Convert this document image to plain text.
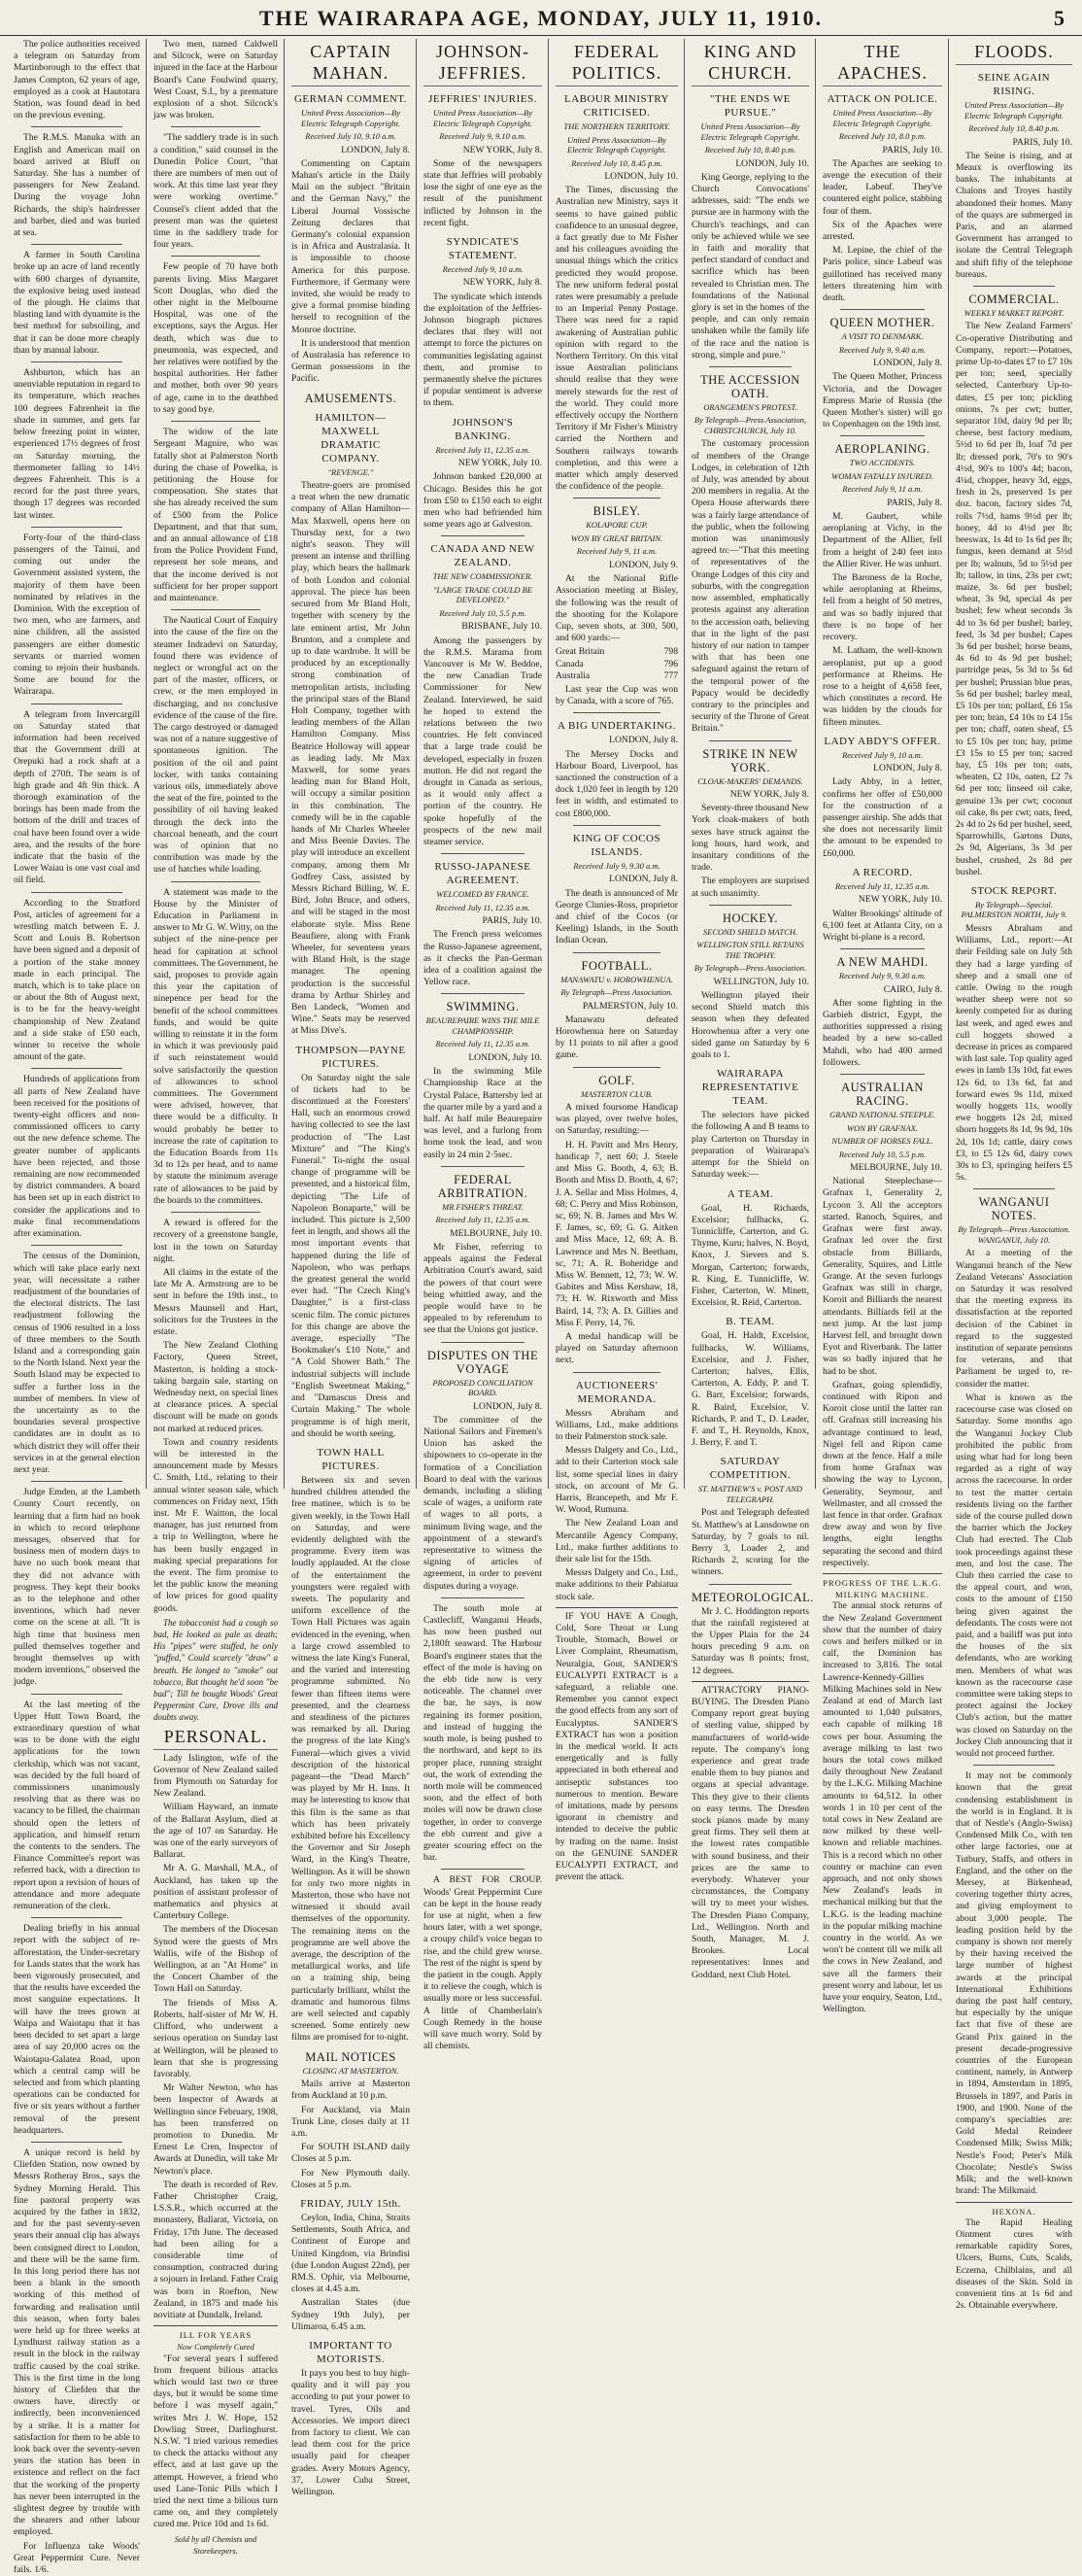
THE WAIRARAPA AGE, MONDAY, JULY 11, 1910.	5

The police authorities received a telegram on Saturday from Martinborough to the effect that James Compton, 62 years of age, employed as a cook at Hautotara Station, was found dead in bed on the previous evening.

The R.M.S. Manuka with an English and American mail on board arrived at Bluff on Saturday. She has a number of passengers for New Zealand. During the voyage John Richards, the ship's hairdresser and barber, died and was buried at sea.

A farmer in South Carolina broke up an acre of land recently with 600 charges of dynamite, the explosive being used instead of the plough. He claims that blasting land with dynamite is the best method for subsoiling, and that it can be done more cheaply than by manual labour.

Ashburton, which has an unenviable reputation in regard to its temperature, which reaches 100 degrees Fahrenheit in the shade in summer, and gets far below freezing point in winter, experienced 17½ degrees of frost on Saturday morning, the thermometer falling to 14½ degrees Fahrenheit. This is a record for the past three years, though 17 degrees was recorded last winter.

Forty-four of the third-class passengers of the Tainui, and coming out under the Government assisted system, the majority of them have been nominated by relatives in the Dominion. With the exception of two men, who are farmers, and nine children, all the assisted passengers are either domestic servants or married women coming to rejoin their husbands. Some are bound for the Wairarapa.

A telegram from Invercargill on Saturday stated that information had been received that the Government drill at Orepuki had a rock shaft at a depth of 270ft. The seam is of high grade and 4ft 9in thick. A thorough examination of the borings has been made from the bottom of the drill and traces of coal have been found over a wide area, and the results of the bore indicate that the basin of the Lower Waiau is one vast coal and oil field.

According to the Stratford Post, articles of agreement for a wrestling match between E. J. Scott and Louis B. Robertson have been signed and a deposit of a portion of the stake money made in each principal. The match, which is to take place on or about the 8th of August next, is to be for the heavy-weight championship of New Zealand and a side stake of £50 each, winner to receive the whole amount of the gate.

Hundreds of applications from all parts of New Zealand have been received for the positions of twenty-eight officers and non-commissioned officers to carry out the new defence scheme. The greater number of applicants have been rejected, and those remaining are now recommended by district commanders. A board has been set up in each district to consider the applications and to make final recommendations after examination.

The census of the Dominion, which will take place early next year, will necessitate a rather readjustment of the boundaries of the electoral districts. The last readjustment following the census of 1906 resulted in a loss of three members to the South Island and a corresponding gain to the North Island. Next year the South Island may be expected to suffer a further loss in the number of members. In view of the uncertainty as to the boundaries several prospective candidates are in doubt as to which district they will offer their services in at the general election next year.

Judge Emden, at the Lambeth County Court recently, on learning that a firm had no book in which to record telephone messages, observed that for business men of modern days to have no such book meant that they did not advance with progress. They kept their books as to the telephone and other inventions, which had never come on the scene at all. "It is high time that business men pulled themselves together and brought themselves up with modern inventions," observed the judge.

At the last meeting of the Upper Hutt Town Board, the extraordinary question of what was to be done with the eight applications for the town clerkship, which was not vacant, was decided by the full board of commissioners unanimously resolving that as there was no vacancy to be filled, the chairman should open the letters of application, and himself return the contents to the senders. The Finance Committee's report was referred back, with a direction to report upon a revision of hours of attendance and more adequate remuneration of the clerk.

Dealing briefly in his annual report with the subject of re-afforestation, the Under-secretary for Lands states that the work has been vigorously prosecuted, and that the results have exceeded the most sanguine expectations. It will have the trees grown at Waipa and Waiotapu that it has been decided to set apart a large area of say 20,000 acres on the Waiotapu-Galatea Road, upon which a central camp will be selected and from which planting operations can be conducted for five or six years without a further removal of the present headquarters.

A unique record is held by Cliefden Station, now owned by Messrs Rotheray Bros., says the Sydney Morning Herald. This fine pastoral property was acquired by the father in 1832, and for the past seventy-seven years their annual clip has always been consigned direct to London, and there will be the same firm. In this long period there has not been a blank in the smooth working of this method of forwarding and realisation until this season, when forty bales were held up for three weeks at Lyndhurst railway station as a result in the block in the railway traffic caused by the coal strike. This is the first time in the long history of Cliefden that the owners have, directly or indirectly, been inconvenienced by a strike. It is a matter for satisfaction for them to be able to look back over the seventy-seven years the station has been in existence and reflect on the fact that the working of the property has never been interrupted in the slightest degree by trouble with the shearers and other labour employed.

For Influenza take Woods' Great Peppermint Cure. Never fails. 1/6.

Two men, named Caldwell and Silcock, were on Saturday injured in the face at the Harbour Board's Cane Foulwind quarry, West Coast, S.I., by a premature explosion of a shot. Silcock's jaw was broken.

"The saddlery trade is in such a condition," said counsel in the Dunedin Police Court, "that there are numbers of men out of work. At this time last year they were working overtime." Counsel's client added that the present man was the quietest time in the saddlery trade for four years.

Few people of 70 have both parents living. Miss Margaret Scott Douglas, who died the other night in the Melbourne Hospital, was one of the exceptions, says the Argus. Her death, which was due to pneumonia, was expected, and her relatives were notified by the hospital authorities. Her father and mother, both over 90 years of age, came in to the deathbed to say good bye.

The widow of the late Sergeant Magnire, who was fatally shot at Palmerston North during the chase of Powelka, is petitioning the House for compensation. She states that she has already received the sum of £500 from the Police Department, and that that sum, and an annual allowance of £18 from the Police Provident Fund, represent her sole means, and that the income derived is not sufficient for her proper support and maintenance.

The Nautical Court of Enquiry into the cause of the fire on the steamer Indradevi on Saturday, found there was evidence of neglect or wrongful act on the part of the master, officers, or crew, or the men employed in discharging, and no conclusive evidence of the cause of the fire. The cargo destroyed or damaged was not of a nature suggestive of spontaneous ignition. The position of the oil and paint locker, with tanks containing various oils, immediately above the seat of the fire, pointed to the possibility of oil having leaked through the deck into the charcoal beneath, and the court was of opinion that no contribution was made by the use of hatches while loading.

A statement was made to the House by the Minister of Education in Parliament in answer to Mr G. W. Witty, on the subject of the nine-pence per head for capitation at school committees. The Government, he said, proposes to provide again this year the capitation of ninepence per head for the benefit of the school committees funds, and would be quite willing to reinstate it in the form in which it was previously paid if such reinstatement would solve satisfactorily the question of allowances to school committees. The Government were advised, however, that there would be a difficulty. It would probably be better to increase the rate of capitation to the Education Boards from 11s 3d to 12s per head, and to name by statute the minimum average rate of allowances to be paid by the boards to the committees.

A reward is offered for the recovery of a greenstone bangle, lost in the town on Saturday night.

All claims in the estate of the late Mr A. Armstrong are to be sent in before the 19th inst., to Messrs Maunsell and Hart, solicitors for the Trustees in the estate.

The New Zealand Clothing Factory, Queen Street, Masterton, is holding a stock-taking bargain sale, starting on Wednesday next, on special lines at clearance prices. A special discount will be made on goods not marked at reduced prices.

Town and country residents will be interested in the announcement made by Messrs C. Smith, Ltd., relating to their annual winter season sale, which commences on Friday next, 15th inst. Mr F. Waitton, the local manager, has just returned from a trip to Wellington, where he has been busily engaged in making special preparations for the event. The firm promise to let the public know the meaning of low prices for good quality goods.

The tobacconist had a cough so bad, He looked as pale as death; His "pipes" were stuffed, he only "puffed," Could scarcely "draw" a breath. He longed to "smoke" out tobacco, But thought he'd soon "be bad"; Till he bought Woods' Great Peppermint Cure, Drove ills and doubts away.

PERSONAL.

Lady Islington, wife of the Governor of New Zealand sailed from Plymouth on Saturday for New Zealand.

William Hayward, an inmate of the Ballarat Asylum, died at the age of 107 on Saturday. He was one of the early surveyors of Ballarat.

Mr A. G. Marshall, M.A., of Auckland, has taken up the position of assistant professor of mathematics and physics at Canterbury College.

The members of the Diocesan Synod were the guests of Mrs Wallis, wife of the Bishop of Wellington, at an "At Home" in the Concert Chamber of the Town Hall on Saturday.

The friends of Miss A. Roberts, half-sister of Mr W. H. Clifford, who underwent a serious operation on Sunday last at Wellington, will be pleased to learn that she is progressing favorably.

Mr Walter Newton, who has been Inspector of Awards at Wellington since February, 1908, has been transferred on promotion to Dunedin. Mr Ernest Le Cren, Inspector of Awards at Dunedin, will take Mr Newton's place.

The death is recorded of Rev. Father Christopher Craig, LS.S.R., which occurred at the monastery, Ballarat, Victoria, on Friday, 17th June. The deceased had been ailing for a considerable time of consumption, contracted during a sojourn in Ireland. Father Craig was born in Roefton, New Zealand, in 1875 and made his novitiate at Dundalk, Ireland.

ILL FOR YEARS
Now Completely Cured

"For several years I suffered from frequent bilious attacks which would last two or three days, but it would be some time before I was myself again," writes Mrs J. W. Hope, 152 Dowling Street, Darlinghurst. N.S.W. "I tried various remedies to check the attacks without any effect, and at last gave up the attempt. However, a friend who used Lane-Tonic Pills which I tried the next time a bilious turn came on, and they completely cured me. Price 10d and 1s 6d.

Sold by all Chemists and Storekeepers.
CAPTAIN MAHAN.
GERMAN COMMENT.
United Press Association—By Electric Telegraph Copyright.
Received July 10, 9.10 a.m.
LONDON, July 8.

Commenting on Captain Mahan's article in the Daily Mail on the subject "Britain and the German Navy," the Liberal Journal Vossische Zeitung declares that Germany's colonial expansion is in Africa and Australasia. It is impossible to choose America for this purpose. Furthermore, if Germany were invited, she would be ready to give a formal promise binding herself to recognition of the Monroe doctrine.

It is understood that mention of Australasia has reference to German possessions in the Pacific.

AMUSEMENTS.
HAMILTON—MAXWELL DRAMATIC COMPANY.
"REVENGE."

Theatre-goers are promised a treat when the new dramatic company of Allan Hamilton—Max Maxwell, opens here on Thursday next, for a two night's season. They will present an intense and thrilling play, which bears the hallmark of both London and colonial approval. The piece has been secured from Mr Bland Holt, together with scenery by the late eminent artist, Mr John Brunton, and a complete and up to date wardrobe. It will be produced by an exceptionally strong combination of metropolitan artists, including the principal stars of the Bland Holt Company, together with leading members of the Allan Hamilton Company. Miss Beatrice Holloway will appear as leading lady. Mr Max Maxwell, for some years leading man for Bland Holt, will occupy a similar position in this combination. The comedy will be in the capable hands of Mr Charles Wheeler and Miss Beenie Davies. The play will introduce an excellent company, among them Mr Godfrey Cass, assisted by Messrs Richard Billing, W. E. Bird, John Bruce, and others, and will be staged in the most elaborate style. Miss Rene Beaufiere, along with Frank Wheeler, for seventeen years with Bland Holt, is the stage manager. The opening production is the successful drama by Arthur Shirley and Ben Landeck, "Women and Wine." Seats may be reserved at Miss Dive's.

THOMPSON—PAYNE PICTURES.

On Saturday night the sale of tickets had to be discontinued at the Foresters' Hall, such an enormous crowd having collected to see the last production of "The Last Mixture" and "The King's Funeral." To-night the usual change of programme will be presented, and a historical film, depicting "The Life of Napoleon Bonaparte," will be included. This picture is 2,500 feet in length, and shows all the most important events that happened during the life of Napoleon, who was perhaps the greatest general the world ever had. "The Czech King's Daughter," is a first-class scenic film. The comic pictures for this change are above the average, especially "The Bookmaker's £10 Note," and "A Cold Shower Bath." The industrial subjects will include "English Sweetmeat Making," and "Damascus Dress and Curtain Making." The whole programme is of high merit, and should be worth seeing.

TOWN HALL PICTURES.

Between six and seven hundred children attended the free matinee, which is to be given weekly, in the Town Hall on Saturday, and were evidently delighted with the programme. Every item was loudly applauded. At the close of the entertainment the youngsters were regaled with sweets. The popularity and uniform excellence of the Town Hall Pictures was again evidenced in the evening, when a large crowd assembled to witness the late King's Funeral, and the varied and interesting programme submitted. No fewer than fifteen items were presented, and the clearness and steadiness of the pictures was remarked by all. During the progress of the late King's Funeral—which gives a vivid description of the historical pageant—the "Dead March" was played by Mr H. Inns. It may be interesting to know that this film is the same as that which has been privately exhibited before his Excellency the Governor and Sir Joseph Ward, in the King's Theatre, Wellington. As it will be shown for only two more nights in Masterton, those who have not witnessed it should avail themselves of the opportunity. The remaining items on the programme are well above the average, the description of the metallurgical works, and life on a training ship, being particularly brilliant, whilst the dramatic and humorous films are well selected and capably screened. Some entirely new films are promised for to-night.

MAIL NOTICES
CLOSING AT MASTERTON.

Mails arrive at Masterton from Auckland at 10 p.m.

For Auckland, via Main Trunk Line, closes daily at 11 a.m.

For SOUTH ISLAND daily Closes at 5 p.m.

For New Plymouth daily. Closes at 5 p.m.

FRIDAY, JULY 15th.

Ceylon, India, China, Straits Settlements, South Africa, and Continent of Europe and United Kingdom, via Brindisi (due London August 22nd), per RM.S. Ophir, via Melbourne, closes at 4.45 a.m.

Australian States (due Sydney 19th July), per Ulimaroa, 6.45 a.m.

IMPORTANT TO MOTORISTS.

It pays you best to buy high-quality and it will pay you according to put your power to travel. Tyres, Oils and Accessories. We import direct from factory to client. We can lead them cost for the price usually paid for cheaper grades. Avery Motors Agency, 37, Lower Cuba Street, Wellington.

JOHNSON-JEFFRIES.
JEFFRIES' INJURIES.
United Press Association—By Electric Telegraph Copyright.
Received July 9, 9.10 a.m.
NEW YORK, July 8.

Some of the newspapers state that Jeffries will probably lose the sight of one eye as the result of the punishment inflicted by Johnson in the recent fight.

SYNDICATE'S STATEMENT.
Received July 9, 10 a.m.
NEW YORK, July 8.

The syndicate which intends the exploitation of the Jeffries-Johnson biograph pictures declares that they will not attempt to force the pictures on communities legislating against them, and promise to permanently shelve the pictures if popular sentiment is adverse to them.

JOHNSON'S BANKING.
Received July 11, 12.35 a.m.
NEW YORK, July 10.

Johnson banked £20,000 at Chicago. Besides this he got from £50 to £150 each to eight men who had befriended him some years ago at Galveston.

CANADA AND NEW ZEALAND.
THE NEW COMMISSIONER.
"LARGE TRADE COULD BE DEVELOPED."
Received July 10, 5.5 p.m.
BRISBANE, July 10.

Among the passengers by the R.M.S. Marama from Vancouver is Mr W. Beddoe, the new Canadian Trade Commissioner for New Zealand. Interviewed, he said he hoped to extend the relations between the two countries. He felt convinced that a large trade could be developed, especially in frozen mutton. He did not regard the drought in Canada as serious, as it would only affect a portion of the country. He spoke hopefully of the prospects of the new mail steamer service.

RUSSO-JAPANESE AGREEMENT.
WELCOMED BY FRANCE.
Received July 11, 12.35 a.m.
PARIS, July 10.

The French press welcomes the Russo-Japanese agreement, as it checks the Pan-German idea of a coalition against the Yellow race.

SWIMMING.
BEAUREPAIRE WINS THE MILE CHAMPIONSHIP.
Received July 11, 12.35 a.m.
LONDON, July 10.

In the swimming Mile Championship Race at the Crystal Palace, Battersby led at the quarter mile by a yard and a half. At half mile Beaurepaire was level, and a furlong from home took the lead, and won easily in 24 min 2·5sec.

FEDERAL ARBITRATION.
MR FISHER'S THREAT.
Received July 11, 12.35 a.m.
MELBOURNE, July 10.

Mr Fisher, referring to appeals against the Federal Arbitration Court's award, said the powers of that court were being whittled away, and the people would have to be appealed to by referendum to see that the Unions got justice.

DISPUTES ON THE VOYAGE
PROPOSED CONCILIATION BOARD.
LONDON, July 8.

The committee of the National Sailors and Firemen's Union has asked the shipowners to co-operate in the formation of a Conciliation Board to deal with the various demands, including a sliding scale of wages, a uniform rate of wages to all ports, a minimum living wage, and the appointment of a steward's representative to witness the signing of articles of agreement, in order to prevent disputes during a voyage.

The south mole at Castlecliff, Wanganui Heads, has now been pushed out 2,180ft seaward. The Harbour Board's engineer states that the effect of the mole is having on the ebb tide now is very noticeable. The channel over the bar, he says, is now regaining its former position, and instead of hugging the south mole, is being pushed to the northward, and kept to its proper place, running straight out, the work of extending the north mole will be commenced soon, and the effect of both moles will now be drawn close together, in order to converge the ebb current and give a greater scouring effect on the bar.

A BEST FOR CROUP. Woods' Great Peppermint Cure can be kept in the house ready for use at night, when a few hours later, with a wet sponge, a croupy child's voice began to rise, and the child grew worse. The rest of the night is spent by the patient in the cough. Apply it to relieve the cough, which is usually more or less successful. A little of Chamberlain's Cough Remedy in the house will save much worry. Sold by all chemists.

FEDERAL POLITICS.
LABOUR MINISTRY CRITICISED.
THE NORTHERN TERRITORY.
United Press Association—By Electric Telegraph Copyright.
Received July 10, 8.45 p.m.
LONDON, July 10.

The Times, discussing the Australian new Ministry, says it seems to have gained public confidence to an unusual degree, a fact greatly due to Mr Fisher and his colleagues avoiding the unusual things which the critics predicted they would propose. The new uniform federal postal rates were presumably a prelude to an Imperial Penny Postage. There was need for a rapid awakening of Australian public opinion with regard to the Northern Territory. On this vital issue Australian politicians should realise that they were merely stewards for the rest of the world. They could more effectively occupy the Northern Territory if Mr Fisher's Ministry carried the Northern and Southern railways towards completion, and this were a matter which amply deserved the confidence of the people.

BISLEY.
KOLAPORE CUP.
WON BY GREAT BRITAIN.
Received July 9, 11 a.m.
LONDON, July 9.

At the National Rifle Association meeting at Bisley, the following was the result of the shooting for the Kolapore Cup, seven shots, at 300, 500, and 600 yards:—

Great Britain	798
Canada	796
Australia	777

Last year the Cup was won by Canada, with a score of 765.

A BIG UNDERTAKING.
LONDON, July 8.

The Mersey Docks and Harbour Board, Liverpool, has sanctioned the construction of a dock 1,020 feet in length by 120 feet in width, and estimated to cost £800,000.

KING OF COCOS ISLANDS.
Received July 9, 9.30 a.m.
LONDON, July 8.

The death is announced of Mr George Clunies-Ross, proprietor and chief of the Cocos (or Keeling) Islands, in the South Indian Ocean.

FOOTBALL.
MANAWATU v. HOROWHENUA.
By Telegraph—Press Association.
PALMERSTON, July 10.

Manawatu defeated Horowhenua here on Saturday by 11 points to nil after a good game.

GOLF.
MASTERTON CLUB.

A mixed foursome Handicap was played, over twelve holes, on Saturday, resulting:—

H. H. Pavitt and Mrs Henry, handicap 7, nett 60; J. Steele and Miss G. Booth, 4, 63; B. Booth and Miss D. Booth, 4, 67; J. A. Sellar and Miss Holmes, 4, 68; C. Perry and Miss Robinson, sc, 69; N. B. James and Mrs W. F. James, sc, 69; G. G. Aitken and Miss Mace, 12, 69; A. B. Lawrence and Mrs N. Beetham, sc, 71; A. R. Boheridge and Miss W. Bennett, 12, 73; W. W. Gabites and Miss Kershaw, 18, 73; H. W. Rixworth and Miss Baird, 14, 73; A. D. Gillies and Miss F. Perry, 14, 76.

A medal handicap will be played on Saturday afternoon next.

AUCTIONEERS' MEMORANDA.

Messrs Abraham and Williams, Ltd., make additions to their Palmerston stock sale.

Messrs Dalgety and Co., Ltd., add to their Carterton stock sale list, some special lines in dairy stock, on account of Mr G. Harris, Brancepeth, and Mr F. W. Wood, Rumuna.

The New Zealand Loan and Mercantile Agency Company, Ltd., make further additions to their sale list for the 15th.

Messrs Dalgety and Co., Ltd., make additions to their Pahiatua stock sale.

IF YOU HAVE A Cough, Cold, Sore Throat or Lung Trouble, Stomach, Bowel or Liver Complaint, Rheumatism, Neuralgia, Gout, SANDER'S EUCALYPTI EXTRACT is a safeguard, a reliable one. Remember you cannot expect the good effects from any sort of Eucalyptus. SANDER'S EXTRACT has won a position in the medical world. It acts energetically and is fully appreciated in both ethereal and antiseptic substances too numerous to mention. Beware of imitations, made by persons ignorant in chemistry and intended to deceive the public by trading on the name. Insist on the GENUINE SANDER EUCALYPTI EXTRACT, and prevent the attack.

KING AND CHURCH.
"THE ENDS WE PURSUE."
United Press Association—By Electric Telegraph Copyright.
Received July 10, 8.40 p.m.
LONDON, July 10.

King George, replying to the Church Convocations' addresses, said: "The ends we pursue are in harmony with the Church's teachings, and can only be achieved while we see in faith and morality that perfect standard of conduct and sacrifice which has been revealed to Christian men. The foundations of the National glory is set in the homes of the people, and can only remain unshaken while the family life of the race and the nation is strong, simple and pure."

THE ACCESSION OATH.
ORANGEMEN'S PROTEST.
By Telegraph—Press Association, CHRISTCHURCH, July 10.

The customary procession of members of the Orange Lodges, in celebration of 12th of July, was attended by about 200 members in regalia. At the Opera House afterwards there was a fairly large attendance of the public, when the following motion was unanimously agreed to:—"That this meeting of representatives of the Orange Lodges of this city and suburbs, with the congregation now assembled, emphatically protests against any alteration to the accession oath, believing that in the light of the past history of our nation to tamper with that has been one safeguard against the return of the temporal power of the Papacy would be decidedly contrary to the principles and security of the Throne of Great Britain."

STRIKE IN NEW YORK.
CLOAK-MAKERS' DEMANDS.
NEW YORK, July 8.

Seventy-three thousand New York cloak-makers of both sexes have struck against the long hours, hard work, and insanitary conditions of the trade.

The employers are surprised at such unanimity.

HOCKEY.
SECOND SHIELD MATCH.
WELLINGTON STILL RETAINS THE TROPHY.
By Telegraph—Press Association.
WELLINGTON, July 10.

Wellington played their second Shield match this season when they defeated Horowhenua after a very one sided game on Saturday by 6 goals to 1.

WAIRARAPA REPRESENTATIVE TEAM.

The selectors have picked the following A and B teams to play Carterton on Thursday in preparation of Wairarapa's attempt for the Shield on Saturday week:—

A TEAM.

Goal, H. Richards, Excelsior; fullbacks, G. Tunnicliffe, Carterton, and G. Thyme, Kuru; halves, N. Boyd, Knox, J. Sievers and S. Morgan, Carterton; forwards, R. King, E. Tunnicliffe, W. Fisher, Carterton, W. Minett, Excelsior, R. Reid, Carterton.

B. TEAM.

Goal, H. Haldt, Excelsior, fullbacks, W. Williams, Excelsior, and J. Fisher, Carterton; halves, Ellis, Carterton, A. Eddy, P. and T. G. Barr, Excelsior; forwards, R. Baird, Excelsior, V. Richards, P. and T., D. Leader, F. and T., H. Reynolds, Knox, J. Berry, F. and T.

SATURDAY COMPETITION.
ST. MATTHEW'S v. POST AND TELEGRAPH.

Post and Telegraph defeated St. Matthew's at Lansdowne on Saturday, by 7 goals to nil. Berry 3, Loader 2, and Richards 2, scoring for the winners.

METEOROLOGICAL.

Mr J. C. Hoddington reports that the rainfall registered at the Upper Plain for the 24 hours preceding 9 a.m. on Saturday was 8 points; frost, 12 degrees.

ATTRACTORY PIANO-BUYING. The Dresden Piano Company report great buying of sterling value, shipped by manufacturers of world-wide repute. The company's long experience and great trade enable them to buy pianos and organs at special advantage. This they give to their clients on easy terms. The Dresden stock pianos made by many great firms. They sell them at the lowest rates compatible with sound business, and their prices are the same to everybody. Whatever your circumstances, the Company will try to meet your wishes. The Dresden Piano Company, Ltd., Wellington. North and South, Manager, M. J. Brookes. Local representatives: Innes and Goddard, next Club Hotel.

THE APACHES.
ATTACK ON POLICE.
United Press Association—By Electric Telegraph Copyright.
Received July 10, 8.0 p.m.
PARIS, July 10.

The Apaches are seeking to avenge the execution of their leader, Labeuf. They've countered eight police, stabbing four of them.

Six of the Apaches were arrested.

M. Lepine, the chief of the Paris police, since Labeuf was guillotined has received many letters threatening him with death.

QUEEN MOTHER.
A VISIT TO DENMARK.
Received July 9, 9.40 a.m.
LONDON, July 8.

The Queen Mother, Princess Victoria, and the Dowager Empress Marie of Russia (the Queen Mother's sister) will go to Copenhagen on the 19th inst.

AEROPLANING.
TWO ACCIDENTS.
WOMAN FATALLY INJURED.
Received July 9, 11 a.m.
PARIS, July 8.

M. Gaubert, while aeroplaning at Vichy, in the Department of the Allier, fell from a height of 240 feet into the Allier River. He was unhurt.

The Baroness de la Roche, while aeroplaning at Rheims, fell from a height of 50 metres, and was so badly injured that there is no hope of her recovery.

M. Latham, the well-known aeroplanist, put up a good performance at Rheims. He rose to a height of 4,658 feet, which constitutes a record. He was hidden by the clouds for fifteen minutes.

LADY ABDY'S OFFER.
Received July 9, 10 a.m.
LONDON, July 8.

Lady Abby, in a letter, confirms her offer of £50,000 for the construction of a passenger airship. She adds that she does not necessarily limit the amount to be expended to £60,000.

A RECORD.
Received July 11, 12.35 a.m.
NEW YORK, July 10.

Walter Brookings' altitude of 6,100 feet at Atlanta City, on a Wright bi-plane is a record.

A NEW MAHDI.
Received July 9, 9.30 a.m.
CAIRO, July 8.

After some fighting in the Garbieh district, Egypt, the authorities suppressed a rising headed by a new so-called Mahdi, who had 400 armed followers.

AUSTRALIAN RACING.
GRAND NATIONAL STEEPLE.
WON BY GRAFNAX.
NUMBER OF HORSES FALL.
Received July 10, 5.5 p.m.
MELBOURNE, July 10.

National Steeplechase—Grafnax 1, Generality 2, Lycoon 3. All the acceptors started. Ranoch, Squires, and Grafnax were first away. Grafnax led over the first obstacle from Billiards, Generality, Squires, and Little Grange. At the seven furlongs Grafnax was still in charge, Koroit and Billiards the nearest attendants. Billiards fell at the next jump. At the last jump Harvest fell, and brought down Eyot and Riverbank. The latter was so badly injured that he had to be shot.

Grafnax, going splendidly, continued with Ripon and Koroit close until the latter ran off. Grafnax still increasing his advantage continued to lead, Nigel fell and Ripon came down at the fence. Half a mile from home Grafnax was showing the way to Lycoon, Generality, Seymour, and Wellmaster, and all crossed the last fence in that order. Grafnax drew away and won by five lengths, eight lengths separating the second and third respectively.

PROGRESS OF THE L.K.G. MILKING MACHINE.

The annual stock returns of the New Zealand Government show that the number of dairy cows and heifers milked or in calf, the Dominion has increased to 3,816. The total Lawrence-Kennedy-Gillies Milking Machines sold in New Zealand at end of March last amounted to 1,040 pulsators, each capable of milking 18 cows per hour. Assuming the average milking to last two hours the total cows milked daily throughout New Zealand by the L.K.G. Milking Machine amounts to 64,512. In other words 1 in 10 per cent of the total cows in New Zealand are now milked by these well-known and reliable machines. This is a record which no other country or machine can even approach, and not only shows New Zealand's leads in mechanical milking but that the L.K.G. is the leading machine in the popular milking machine country in the world. As we won't be content till we milk all the cows in New Zealand, and save all the farmers their present worry and labour, let us have your enquiry, Seaton, Ltd., Wellington.

FLOODS.
SEINE AGAIN RISING.
United Press Association—By Electric Telegraph Copyright.
Received July 10, 8.40 p.m.
PARIS, July 10.

The Seine is rising, and at Meaux is overflowing its banks. The inhabitants at Chalons and Troyes hastily abandoned their homes. Many of the quays are submerged in Paris, and an alarmed Government has arranged to isolate the Central Telegraph and shift fifty of the telephone bureaus.

COMMERCIAL.
WEEKLY MARKET REPORT.

The New Zealand Farmers' Co-operative Distributing and Company, report:—Potatoes, prime Up-to-dates £7 to £7 10s per ton; seed, specially selected, Canterbury Up-to-dates, £5 per ton; pickling onions, 7s per cwt; butter, separator 10d, dairy 9d per lb; cheese, best factory medium, 5½d to 6d per lb, loaf 7d per lb; dressed pork, 70's to 90's 4½d, 90's to 100's 4d; bacon, 4¼d, chopper, heavy 3d, eggs, fresh in 2s, preserved 1s per doz. bacon, factory sides 7d, rolls 7½d, hams 9½d per lb; honey, 4d to 4½d per lb; beeswax, 1s 4d to 1s 6d per lb; fungus, keen demand at 5½d per lb; walnuts, 5d to 5½d per lb; tallow, in tins, 23s per cwt; maize, 3s 6d per bushel; wheat, 3s 9d, special 4s per bushel; few wheat seconds 3s 4d to 3s 6d per bushel; barley, feed, 3s 3d per bushel; Capes 3s 6d per bushel; horse beans, 4s 6d to 4s 9d per bushel; partridge peas, 5s 3d to 5s 6d per bushel; Prussian blue peas, 5s 6d per bushel; barley meal, £5 10s per ton; pollard, £6 15s per ton; bran, £4 10s to £4 15s per ton; chaff, oaten sheaf, £5 to £5 10s per ton; hay, prime £3 15s to £5 per ton; sacred hay, £5 10s per ton; oats, wheaten, £2 10s, oaten, £2 7s 6d per ton; linseed oil cake, genuine 13s per cwt; coconut oil cake, 8s per cwt; oats, feed, 2s 4d to 2s 6d per bushel, seed, Sparrowhills, Gartons Duns, 2s 9d, Algerians, 3s 3d per bushel, crushed, 2s 8d per bushel.

STOCK REPORT.
By Telegraph—Special. PALMERSTON NORTH, July 9.

Messrs Abraham and Williams, Ltd., report:—At their Feilding sale on July 5th they had a large yarding of sheep and a small one of cattle. Owing to the rough weather sheep were not so keenly competed for as during last week, and aged ewes and cull hoggets showed a decrease in prices as compared with last sale. Top quality aged ewes in lamb 13s 10d, fat ewes 12s 6d, to 13s 6d, fat and forward ewes 9s 11d, mixed woolly hoggets 11s, woolly ewe hoggets 12s 2d, mixed shorn hoggets 8s 1d, 9s 9d, 10s 2d, 10s 1d; cattle, dairy cows £3, to £5 12s 6d, dairy cows 30s to £3, springing heifers £5 5s.

WANGANUI NOTES.
By Telegraph—Press Association. WANGANUI, July 10.

At a meeting of the Wanganui branch of the New Zealand Veterans' Association on Saturday it was resolved that the meeting express its dissatisfaction at the reported decision of the Cabinet in regard to the suggested institution of separate pensions for veterans, and that Parliament be urged to, re-consider the matter.

What is known as the racecourse case was closed on Saturday. Some months ago the Wanganui Jockey Club prohibited the public from using what had for long been regarded as a right of way across the racecourse. In order to test the matter certain residents living on the farther side of the course pulled down the barrier which the Jockey Club had erected. The Club took proceedings against these men, and lost the case. The Club then carried the case to the appeal court, and won, costs to the amount of £150 being given against the defendants. The costs were not paid, and a bailiff was put into the houses of the six defendants, who are working men. Members of what was known as the racecourse case committee were taking steps to protect against the Jockey Club's action, but the matter was closed on Saturday on the Jockey Club announcing that it would not proceed further.

It may not be commonly known that the great condensing establishment in the world is in England. It is that of Nestle's (Anglo-Swiss) Condensed Milk Co., with ten other large factories, one at Tutbury, Staffs, and others in England, and the other on the Mersey, at Birkenhead, covering together thirty acres, and giving employment to about 3,000 people. The leading position held by the company is shown not merely by their having received the large number of highest awards at the principal International Exhibitions during the past half century, but especially by the unique fact that five of these are Grand Prix gained in the present decade-progressive countries of the European continent, namely, in Antwerp in 1894, Amsterdam in 1895, Brussels in 1897, and Paris in 1900, and 1900. None of the company's specialties are: Gold Medal Reindeer Condensed Milk; Swiss Milk; Nestle's Food; Peter's Milk Chocolate; Nestle's Swiss Milk; and the well-known brand: The Milkmaid.

HEXONA.

The Rapid Healing Ointment cures with remarkable rapidity Sores, Ulcers, Burns, Cuts, Scalds, Eczema, Chilblains, and all diseases of the Skin. Sold in convenient tins at 1s 6d and 2s. Obtainable everywhere.
